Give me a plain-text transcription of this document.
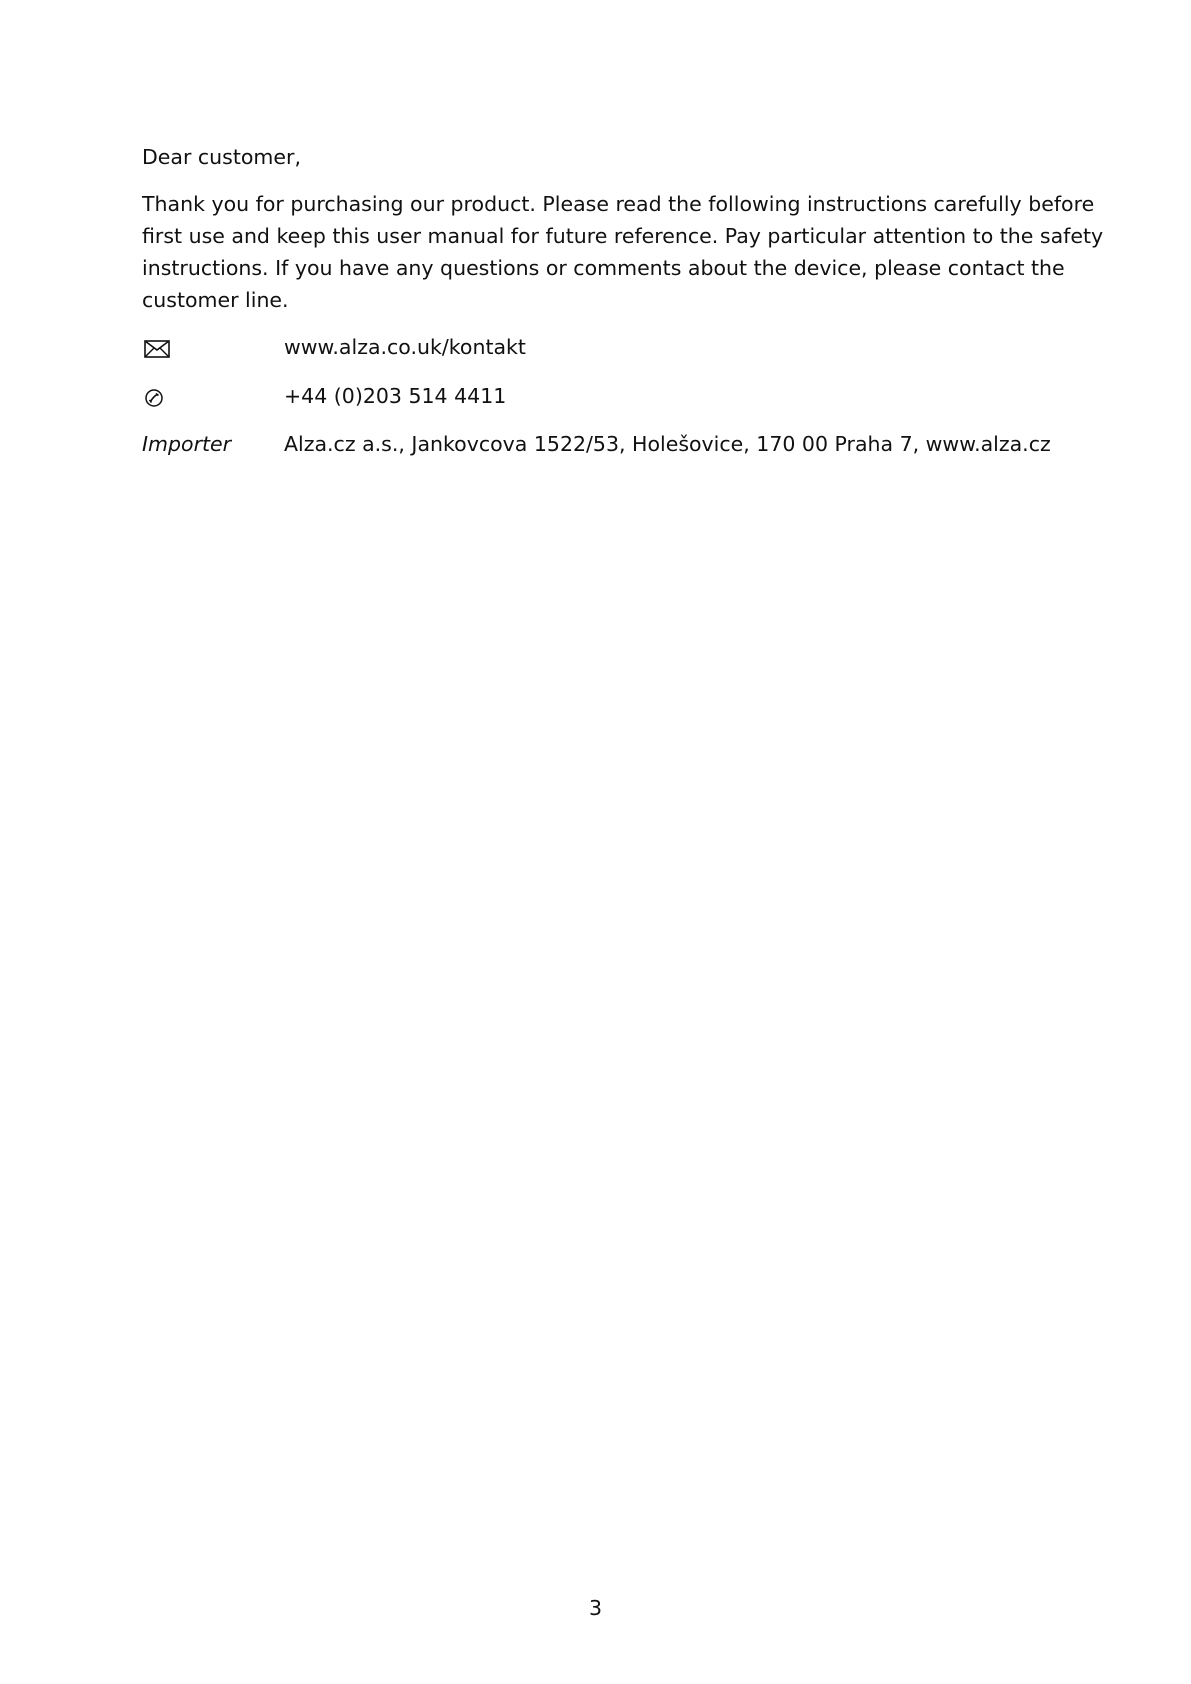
Dear customer,
Thank you for purchasing our product. Please read the following instructions carefully before
first use and keep this user manual for future reference. Pay particular attention to the safety
instructions. If you have any questions or comments about the device, please contact the
customer line.
www.alza.co.uk/kontakt
+44 (0)203 514 4411
Importer	Alza.cz a.s., Jankovcova 1522/53, Holešovice, 170 00 Praha 7, www.alza.cz
3
